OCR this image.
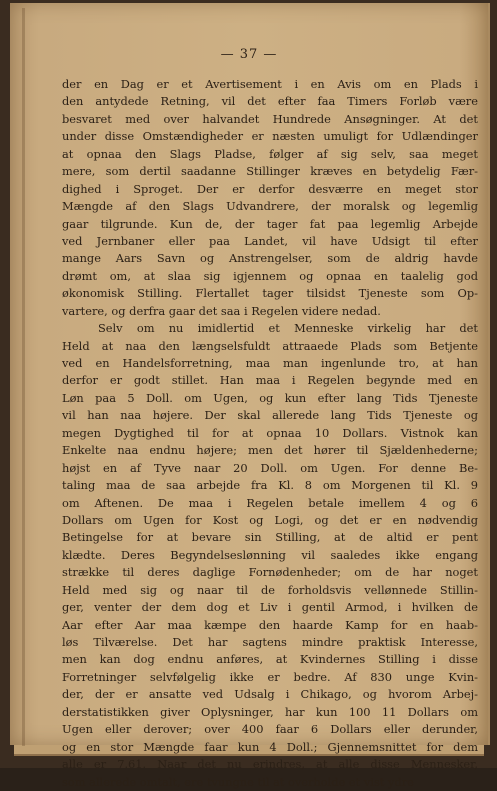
— 37 —
der en Dag er et Avertisement i en Avis om en Plads i
den antydede Retning, vil det efter faa Timers Forløb være
besvaret med over halvandet Hundrede Ansøgninger. At det
under disse Omstændigheder er næsten umuligt for Udlændinger
at opnaa den Slags Pladse, følger af sig selv, saa meget
mere, som dertil saadanne Stillinger kræves en betydelig Fær-
dighed i Sproget. Der er derfor desværre en meget stor
Mængde af den Slags Udvandrere, der moralsk og legemlig
gaar tilgrunde. Kun de, der tager fat paa legemlig Arbejde
ved Jernbaner eller paa Landet, vil have Udsigt til efter
mange Aars Savn og Anstrengelser, som de aldrig havde
drømt om, at slaa sig igjennem og opnaa en taalelig god
økonomisk Stilling. Flertallet tager tilsidst Tjeneste som Op-
vartere, og derfra gaar det saa i Regelen videre nedad.
Selv om nu imidlertid et Menneske virkelig har det
Held at naa den længselsfuldt attraaede Plads som Betjente
ved en Handelsforretning, maa man ingenlunde tro, at han
derfor er godt stillet. Han maa i Regelen begynde med en
Løn paa 5 Doll. om Ugen, og kun efter lang Tids Tjeneste
vil han naa højere. Der skal allerede lang Tids Tjeneste og
megen Dygtighed til for at opnaa 10 Dollars. Vistnok kan
Enkelte naa endnu højere; men det hører til Sjældenhederne;
højst en af Tyve naar 20 Doll. om Ugen. For denne Be-
taling maa de saa arbejde fra Kl. 8 om Morgenen til Kl. 9
om Aftenen. De maa i Regelen betale imellem 4 og 6
Dollars om Ugen for Kost og Logi, og det er en nødvendig
Betingelse for at bevare sin Stilling, at de altid er pent
klædte. Deres Begyndelseslønning vil saaledes ikke engang
strække til deres daglige Fornødenheder; om de har noget
Held med sig og naar til de forholdsvis vellønnede Stillin-
ger, venter der dem dog et Liv i gentil Armod, i hvilken de
Aar efter Aar maa kæmpe den haarde Kamp for en haab-
løs Tilværelse. Det har sagtens mindre praktisk Interesse,
men kan dog endnu anføres, at Kvindernes Stilling i disse
Forretninger selvfølgelig ikke er bedre. Af 830 unge Kvin-
der, der er ansatte ved Udsalg i Chikago, og hvorom Arbej-
derstatistikken giver Oplysninger, har kun 100 11 Dollars om
Ugen eller derover; over 400 faar 6 Dollars eller derunder,
og en stor Mængde faar kun 4 Doll.; Gjennemsnittet for dem
alle er 7.61. Naar det nu erindres, at alle disse Mennesker,
som allerede omtalt, ere tvungne til at overholde et vist ydre
